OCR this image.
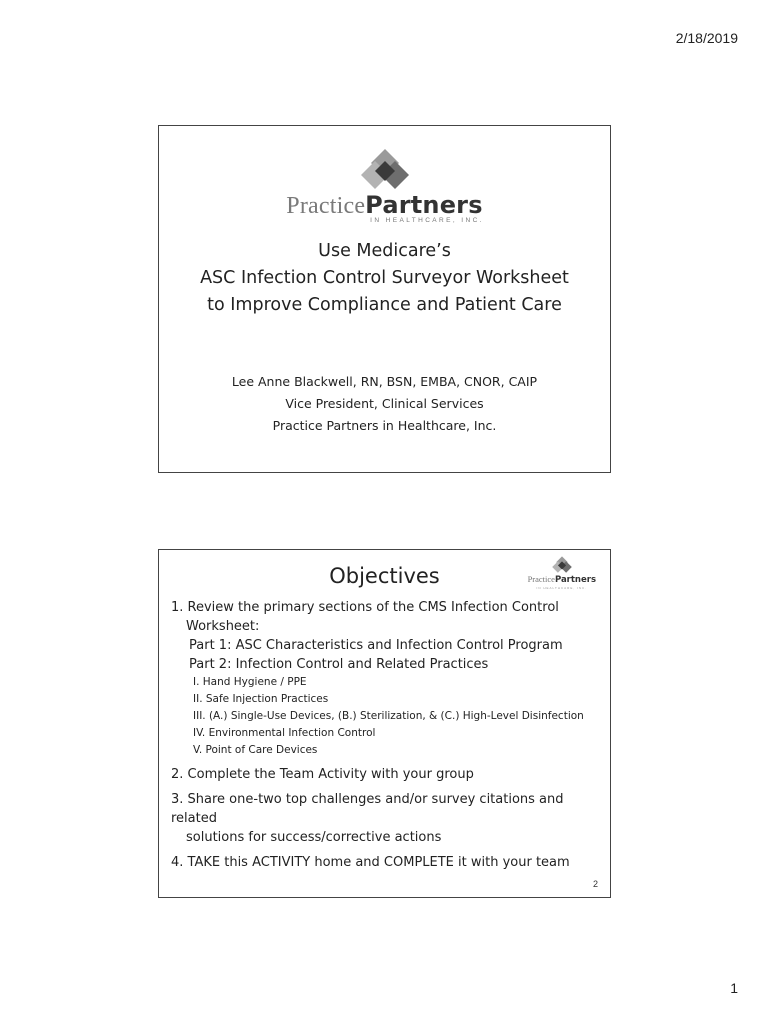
2/18/2019
PracticePartners
IN HEALTHCARE, INC.
Use Medicare’s
ASC Infection Control Surveyor Worksheet
to Improve Compliance and Patient Care
Lee Anne Blackwell, RN, BSN, EMBA, CNOR, CAIP
Vice President, Clinical Services
Practice Partners in Healthcare, Inc.
Objectives	PracticePartners
IN HEALTHCARE, INC.
1. Review the primary sections of the CMS Infection Control
Worksheet:
Part 1: ASC Characteristics and Infection Control Program
Part 2: Infection Control and Related Practices
I. Hand Hygiene / PPE
II. Safe Injection Practices
III. (A.) Single-Use Devices, (B.) Sterilization, & (C.) High-Level Disinfection
IV. Environmental Infection Control
V. Point of Care Devices
2. Complete the Team Activity with your group
3. Share one-two top challenges and/or survey citations and related
solutions for success/corrective actions
4. TAKE this ACTIVITY home and COMPLETE it with your team
2
1
